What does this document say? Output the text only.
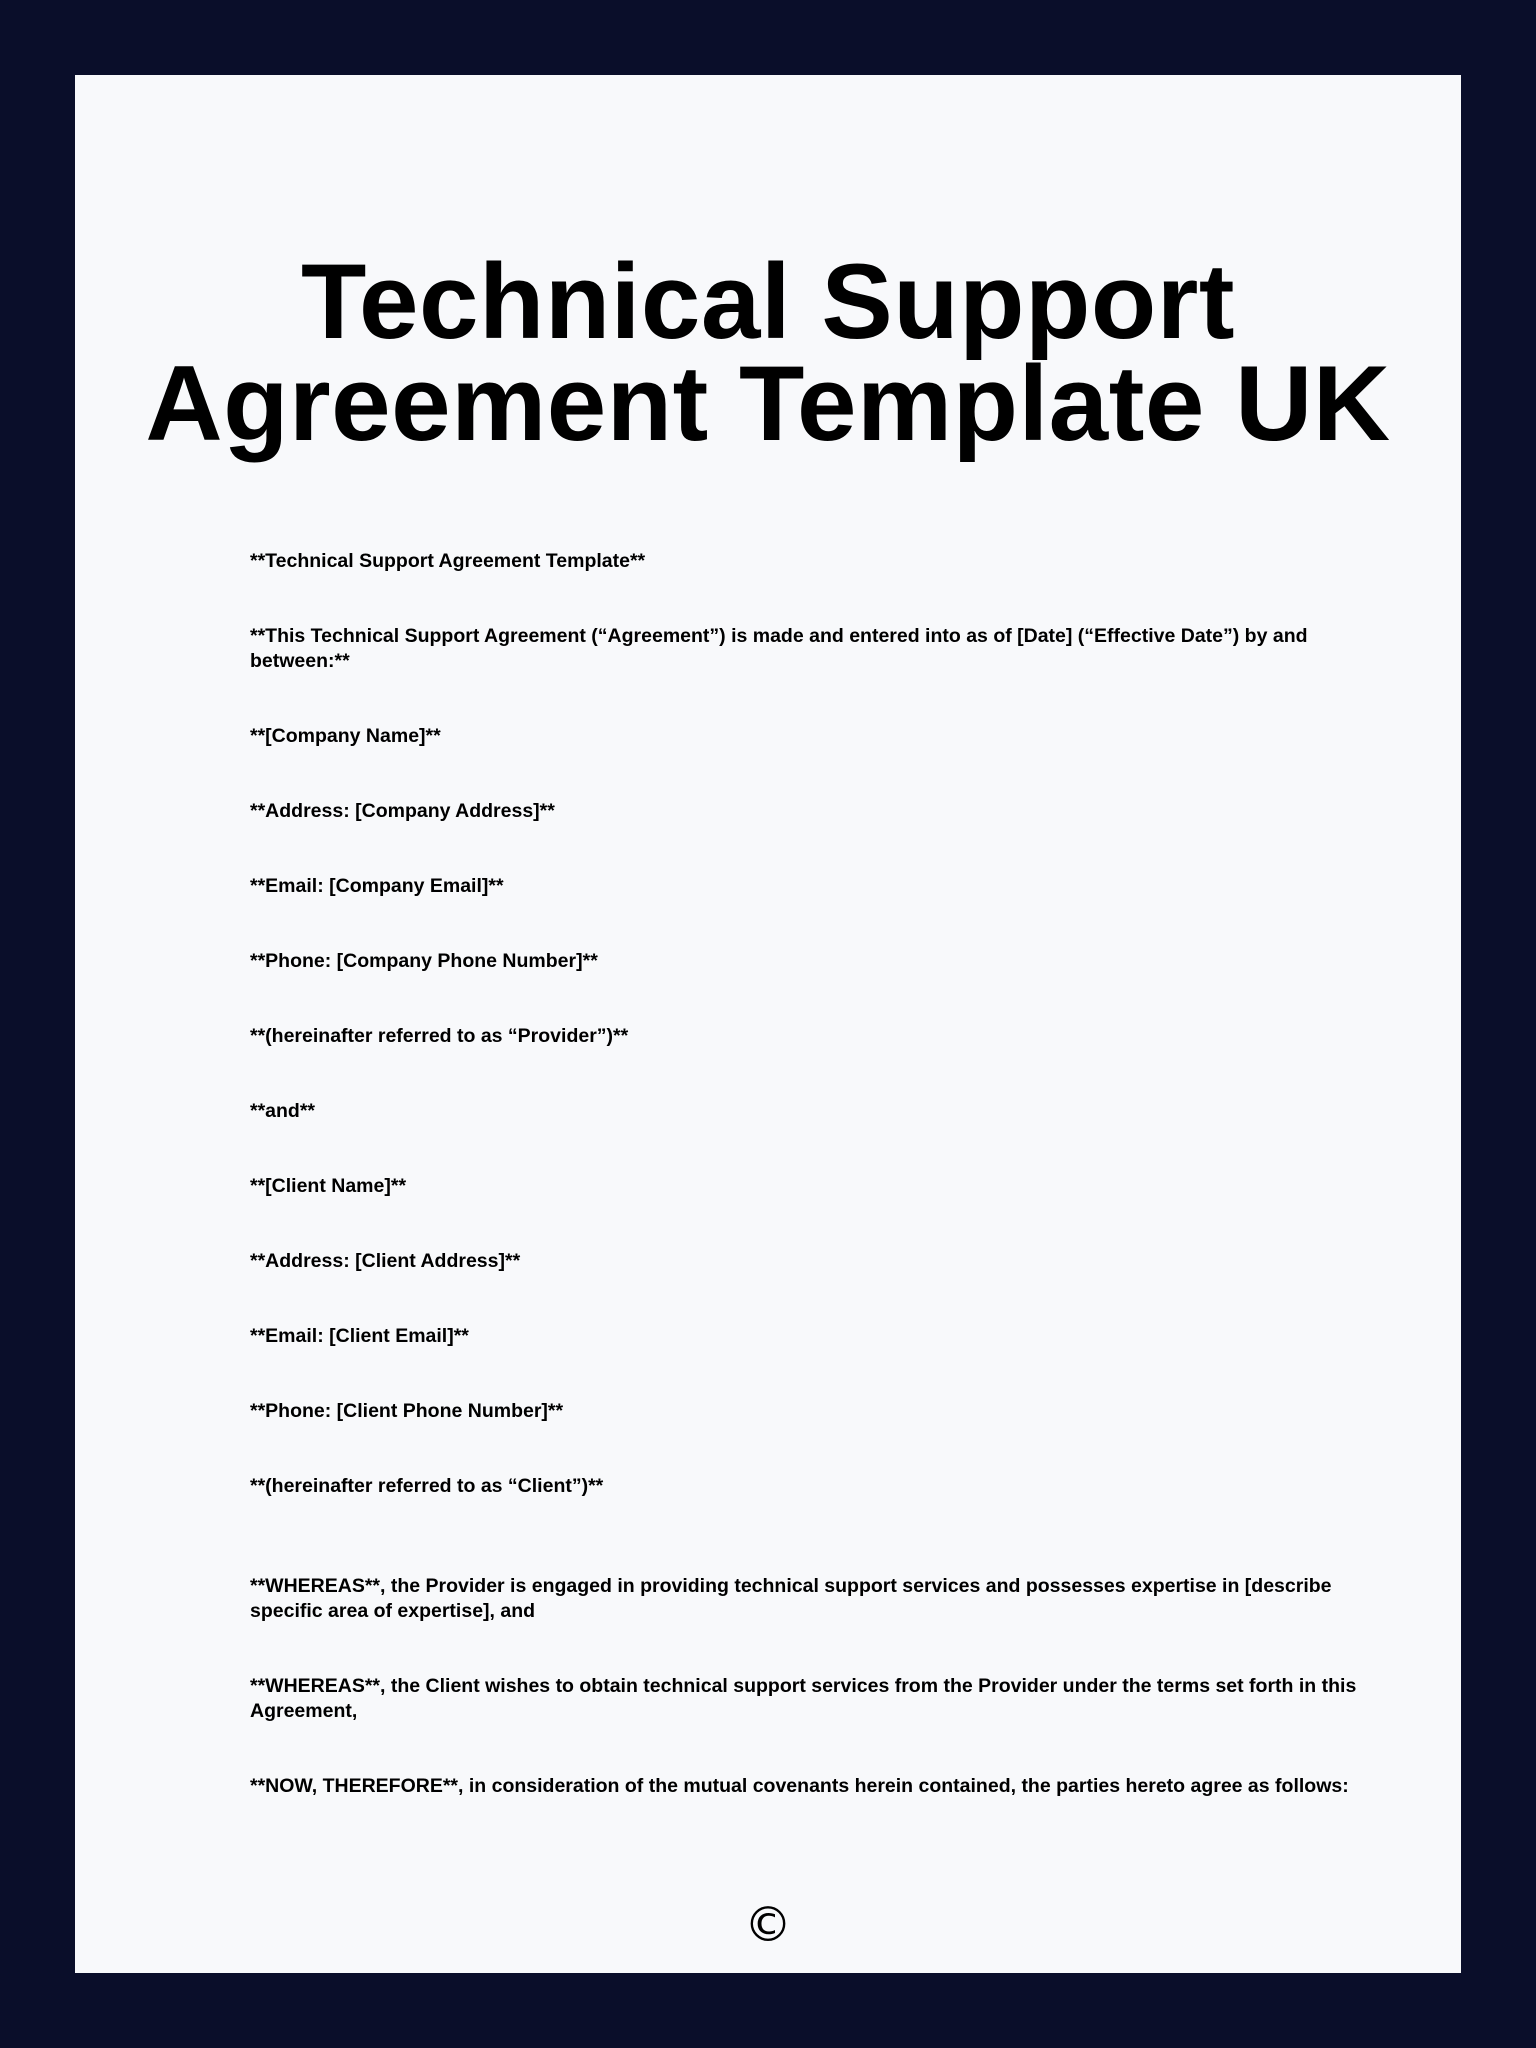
Technical Support
Agreement Template UK

**Technical Support Agreement Template**

**This Technical Support Agreement (“Agreement”) is made and entered into as of [Date] (“Effective Date”) by and between:**

**[Company Name]**

**Address: [Company Address]**

**Email: [Company Email]**

**Phone: [Company Phone Number]**

**(hereinafter referred to as “Provider”)**

**and**

**[Client Name]**

**Address: [Client Address]**

**Email: [Client Email]**

**Phone: [Client Phone Number]**

**(hereinafter referred to as “Client”)**

**WHEREAS**, the Provider is engaged in providing technical support services and possesses expertise in [describe specific area of expertise], and

**WHEREAS**, the Client wishes to obtain technical support services from the Provider under the terms set forth in this Agreement,

**NOW, THEREFORE**, in consideration of the mutual covenants herein contained, the parties hereto agree as follows:

©
